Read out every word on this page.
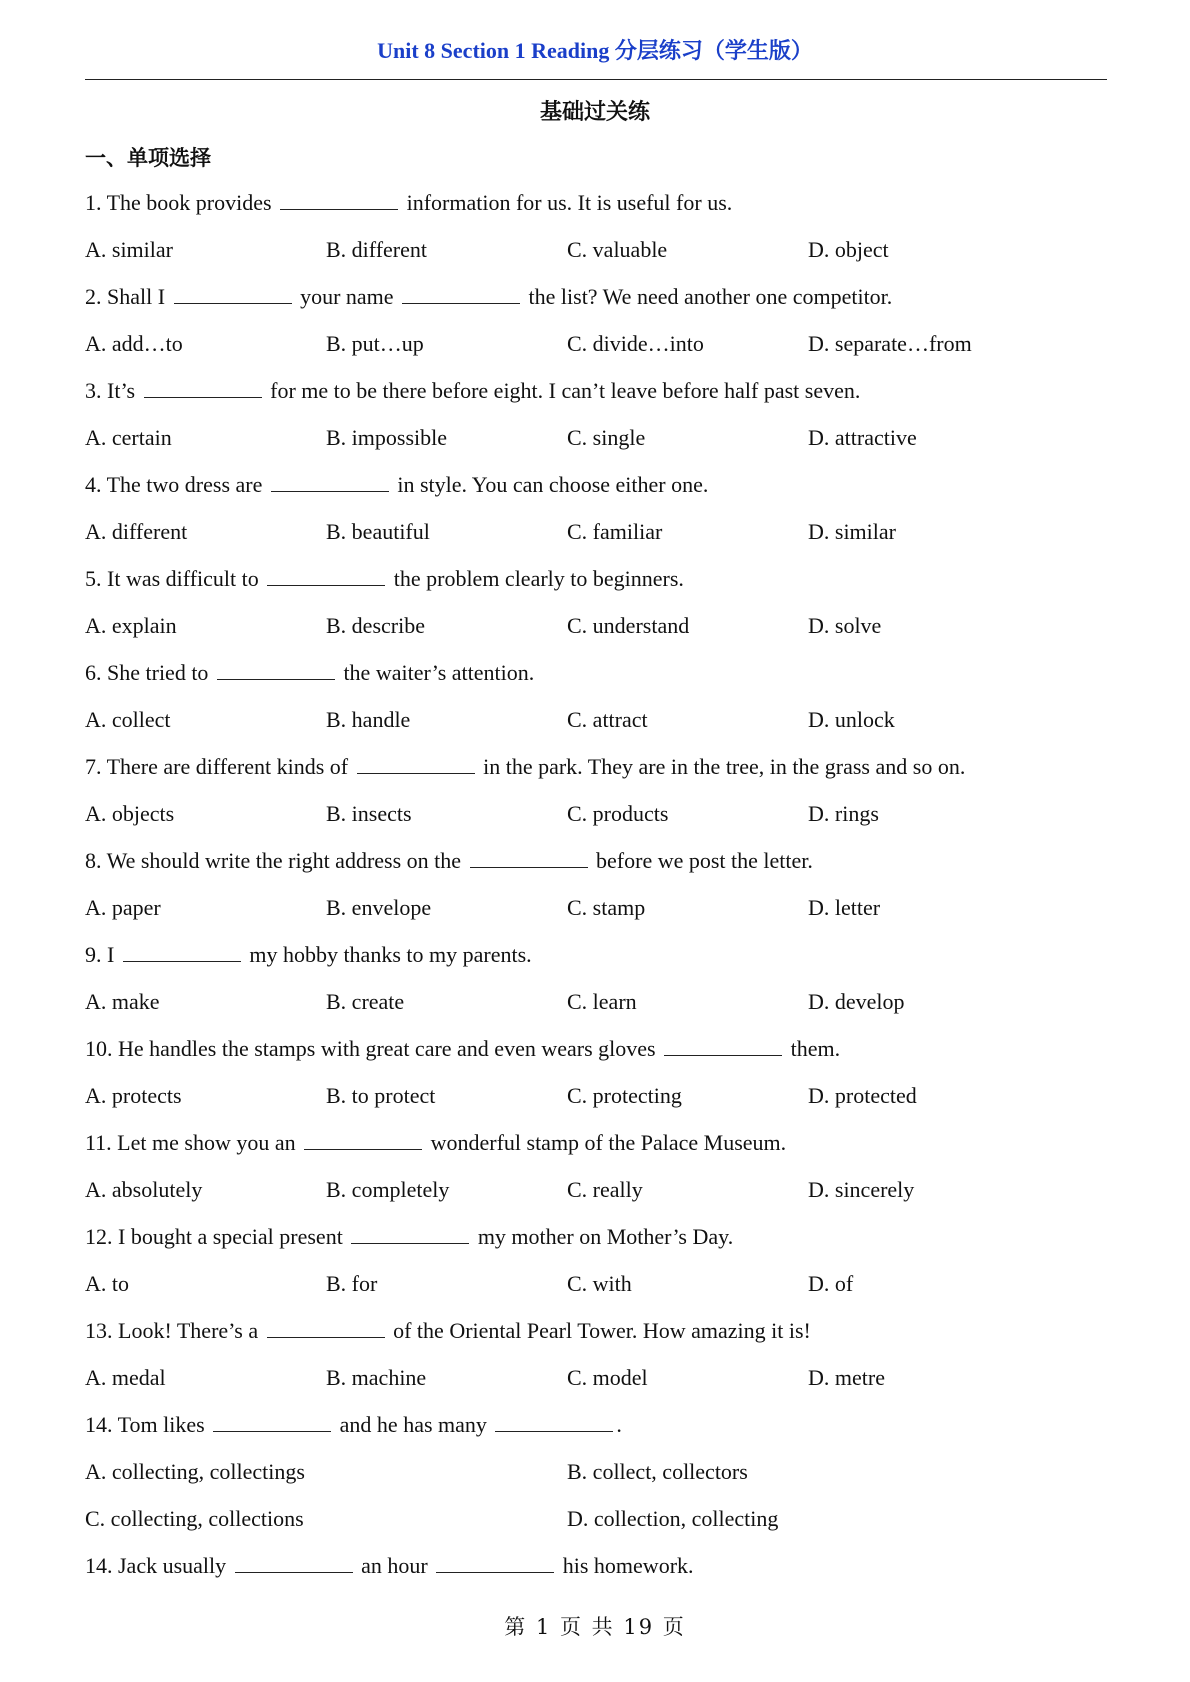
Unit 8 Section 1 Reading 分层练习（学生版）
基础过关练
一、单项选择
1. The book provides	information for us. It is useful for us.
A. similar	B. different	C. valuable	D. object
2. Shall I	your name	the list? We need another one competitor.
A. add…to	B. put…up	C. divide…into	D. separate…from
3. It’s	for me to be there before eight. I can’t leave before half past seven.
A. certain	B. impossible	C. single	D. attractive
4. The two dress are	in style. You can choose either one.
A. different	B. beautiful	C. familiar	D. similar
5. It was difficult to	the problem clearly to beginners.
A. explain	B. describe	C. understand	D. solve
6. She tried to	the waiter’s attention.
A. collect	B. handle	C. attract	D. unlock
7. There are different kinds of	in the park. They are in the tree, in the grass and so on.
A. objects	B. insects	C. products	D. rings
8. We should write the right address on the	before we post the letter.
A. paper	B. envelope	C. stamp	D. letter
9. I	my hobby thanks to my parents.
A. make	B. create	C. learn	D. develop
10. He handles the stamps with great care and even wears gloves	them.
A. protects	B. to protect	C. protecting	D. protected
11. Let me show you an	wonderful stamp of the Palace Museum.
A. absolutely	B. completely	C. really	D. sincerely
12. I bought a special present	my mother on Mother’s Day.
A. to	B. for	C. with	D. of
13. Look! There’s a	of the Oriental Pearl Tower. How amazing it is!
A. medal	B. machine	C. model	D. metre
14. Tom likes	and he has many	.
A. collecting, collectings	B. collect, collectors
C. collecting, collections	D. collection, collecting
14. Jack usually	an hour	his homework.
第 1 页 共 19 页
